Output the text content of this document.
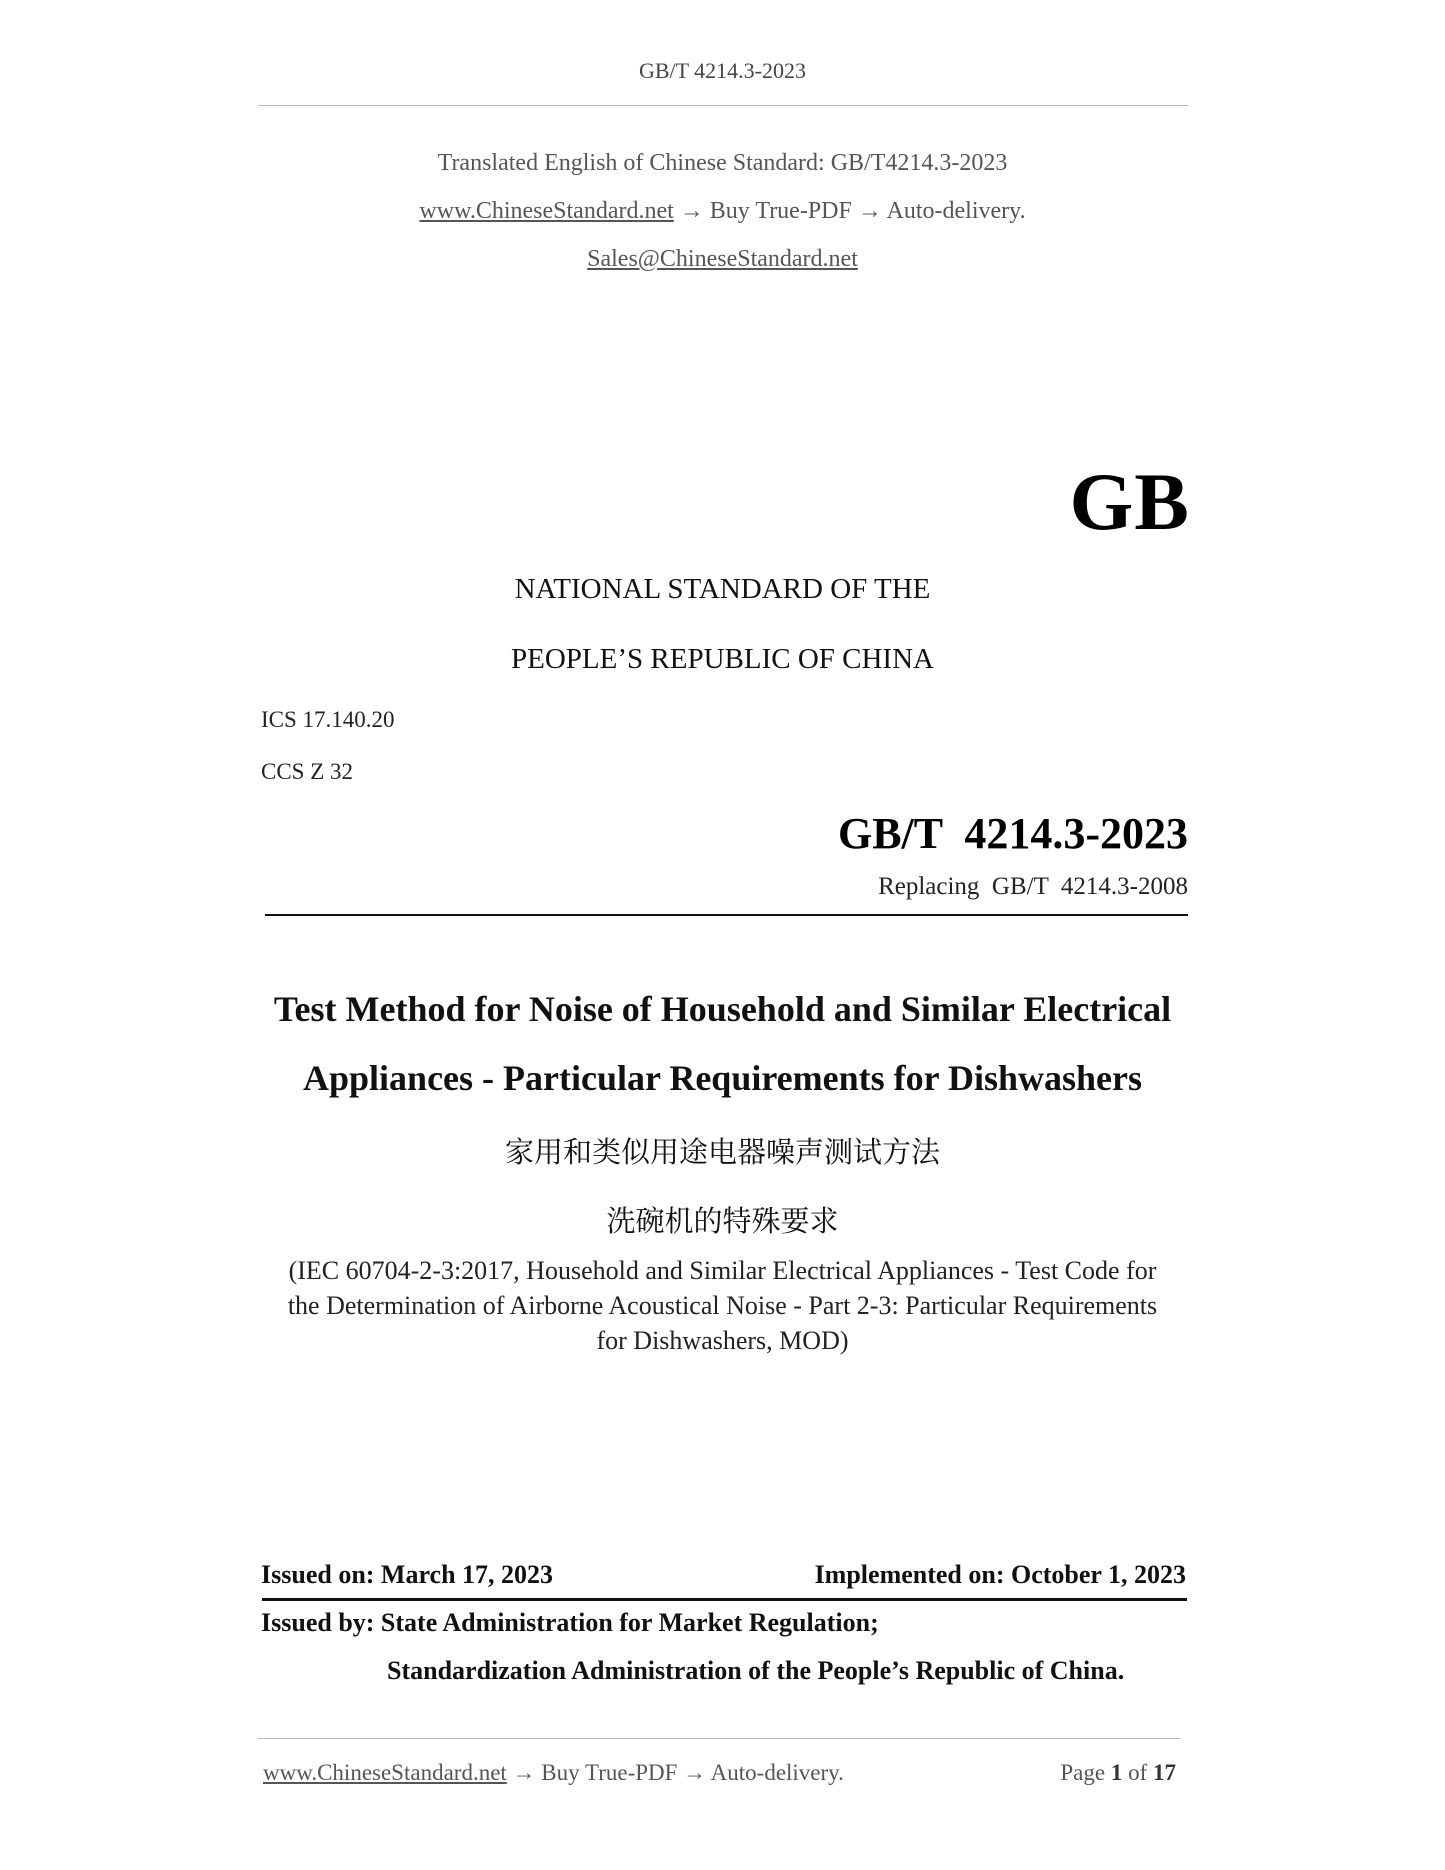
GB/T 4214.3-2023
Translated English of Chinese Standard: GB/T4214.3-2023
www.ChineseStandard.net → Buy True-PDF → Auto-delivery.
Sales@ChineseStandard.net
GB
NATIONAL STANDARD OF THE
PEOPLE’S REPUBLIC OF CHINA
ICS 17.140.20
CCS Z 32
GB/T  4214.3-2023
Replacing  GB/T  4214.3-2008
Test Method for Noise of Household and Similar Electrical
Appliances - Particular Requirements for Dishwashers
家用和类似用途电器噪声测试方法
洗碗机的特殊要求
(IEC 60704-2-3:2017, Household and Similar Electrical Appliances - Test Code for the Determination of Airborne Acoustical Noise - Part 2-3: Particular Requirements for Dishwashers, MOD)
Issued on: March 17, 2023	Implemented on: October 1, 2023
Issued by: State Administration for Market Regulation;
Standardization Administration of the People’s Republic of China.
www.ChineseStandard.net → Buy True-PDF → Auto-delivery.	Page 1 of 17
